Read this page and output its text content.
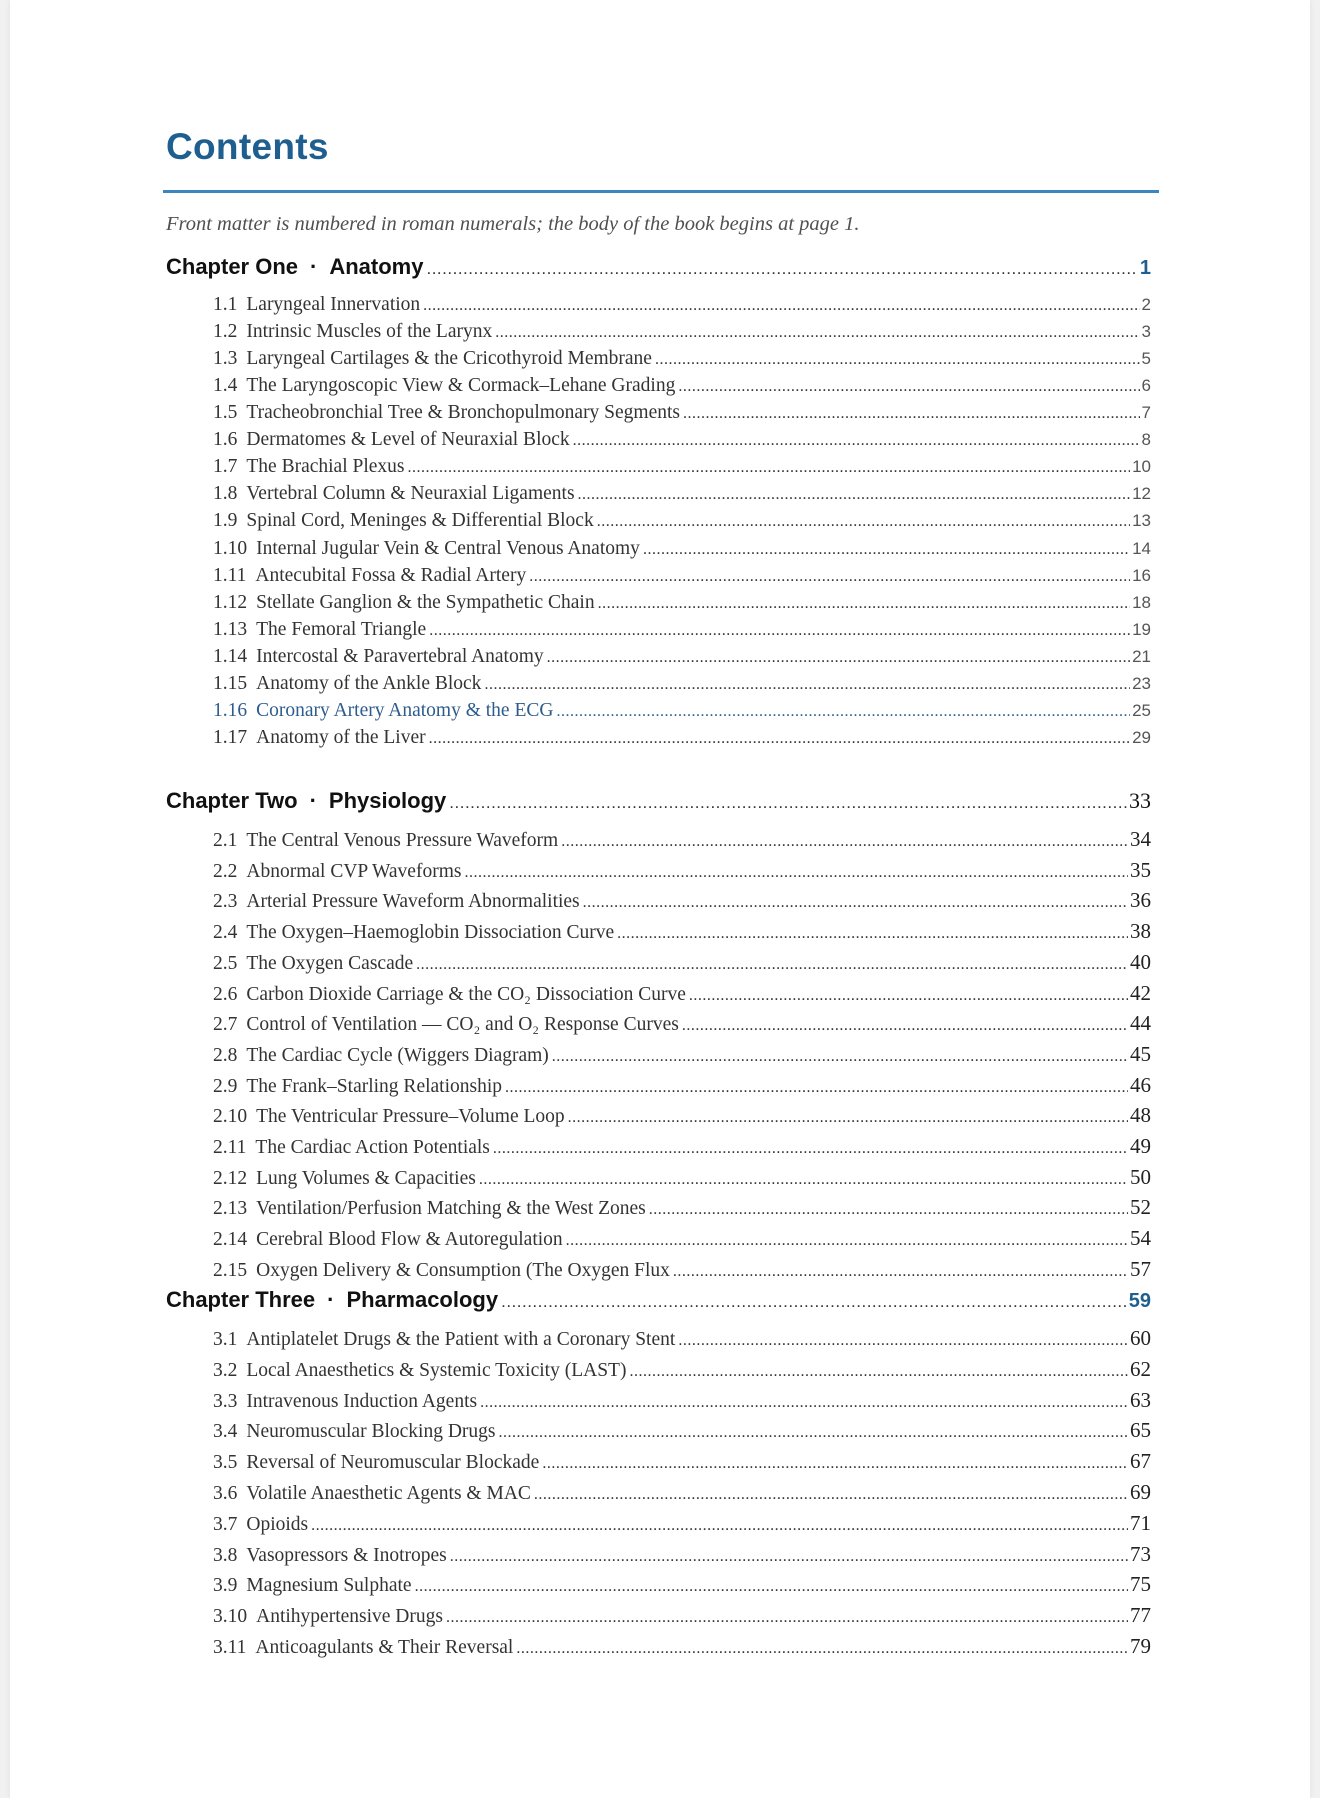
Contents

Front matter is numbered in roman numerals; the body of the book begins at page 1.

Chapter One · Anatomy .....	1
1.1 Laryngeal Innervation .....	2
1.2 Intrinsic Muscles of the Larynx .....	3
1.3 Laryngeal Cartilages & the Cricothyroid Membrane .....	5
1.4 The Laryngoscopic View & Cormack–Lehane Grading .....	6
1.5 Tracheobronchial Tree & Bronchopulmonary Segments .....	7
1.6 Dermatomes & Level of Neuraxial Block .....	8
1.7 The Brachial Plexus .....	10
1.8 Vertebral Column & Neuraxial Ligaments .....	12
1.9 Spinal Cord, Meninges & Differential Block .....	13
1.10 Internal Jugular Vein & Central Venous Anatomy .....	14
1.11 Antecubital Fossa & Radial Artery .....	16
1.12 Stellate Ganglion & the Sympathetic Chain .....	18
1.13 The Femoral Triangle .....	19
1.14 Intercostal & Paravertebral Anatomy .....	21
1.15 Anatomy of the Ankle Block .....	23
1.16 Coronary Artery Anatomy & the ECG .....	25
1.17 Anatomy of the Liver .....	29
Chapter Two · Physiology .....	33
2.1 The Central Venous Pressure Waveform .....	34
2.2 Abnormal CVP Waveforms .....	35
2.3 Arterial Pressure Waveform Abnormalities .....	36
2.4 The Oxygen–Haemoglobin Dissociation Curve .....	38
2.5 The Oxygen Cascade .....	40
2.6 Carbon Dioxide Carriage & the CO₂ Dissociation Curve .....	42
2.7 Control of Ventilation — CO₂ and O₂ Response Curves .....	44
2.8 The Cardiac Cycle (Wiggers Diagram) .....	45
2.9 The Frank–Starling Relationship .....	46
2.10 The Ventricular Pressure–Volume Loop .....	48
2.11 The Cardiac Action Potentials .....	49
2.12 Lung Volumes & Capacities .....	50
2.13 Ventilation/Perfusion Matching & the West Zones .....	52
2.14 Cerebral Blood Flow & Autoregulation .....	54
2.15 Oxygen Delivery & Consumption (The Oxygen Flux .....	57
Chapter Three · Pharmacology .....	59
3.1 Antiplatelet Drugs & the Patient with a Coronary Stent .....	60
3.2 Local Anaesthetics & Systemic Toxicity (LAST) .....	62
3.3 Intravenous Induction Agents .....	63
3.4 Neuromuscular Blocking Drugs .....	65
3.5 Reversal of Neuromuscular Blockade .....	67
3.6 Volatile Anaesthetic Agents & MAC .....	69
3.7 Opioids .....	71
3.8 Vasopressors & Inotropes .....	73
3.9 Magnesium Sulphate .....	75
3.10 Antihypertensive Drugs .....	77
3.11 Anticoagulants & Their Reversal .....	79
